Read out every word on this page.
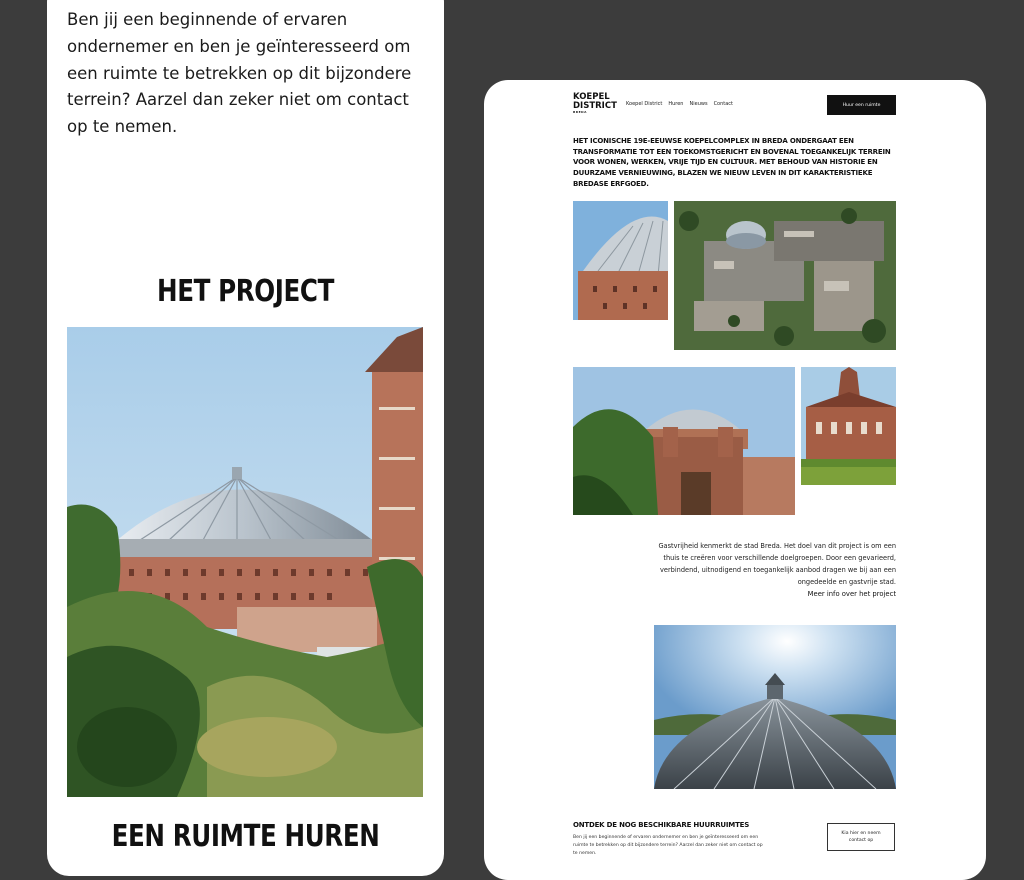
Ben jij een beginnende of ervaren ondernemer en ben je geïnteresseerd om een ruimte te betrekken op dit bijzondere terrein? Aarzel dan zeker niet om contact op te nemen.

HET PROJECT
EEN RUIMTE HUREN
KOEPEL
DISTRICT
BREDA
Koepel District Huren Nieuws Contact	Huur een ruimte

HET ICONISCHE 19E-EEUWSE KOEPELCOMPLEX IN BREDA ONDERGAAT EEN TRANSFORMATIE TOT EEN TOEKOMSTGERICHT EN BOVENAL TOEGANKELIJK TERREIN VOOR WONEN, WERKEN, VRIJE TIJD EN CULTUUR. MET BEHOUD VAN HISTORIE EN DUURZAME VERNIEUWING, BLAZEN WE NIEUW LEVEN IN DIT KARAKTERISTIEKE BREDASE ERFGOED.

Gastvrijheid kenmerkt de stad Breda. Het doel van dit project is om een thuis te creëren voor verschillende doelgroepen. Door een gevarieerd, verbindend, uitnodigend en toegankelijk aanbod dragen we bij aan een ongedeelde en gastvrije stad.

Meer info over het project
ONTDEK DE NOG BESCHIKBARE HUURRUIMTES

Ben jij een beginnende of ervaren ondernemer en ben je geïnteresseerd om een ruimte te betrekken op dit bijzondere terrein? Aarzel dan zeker niet om contact op te nemen.

Kia hier en neem contact op
